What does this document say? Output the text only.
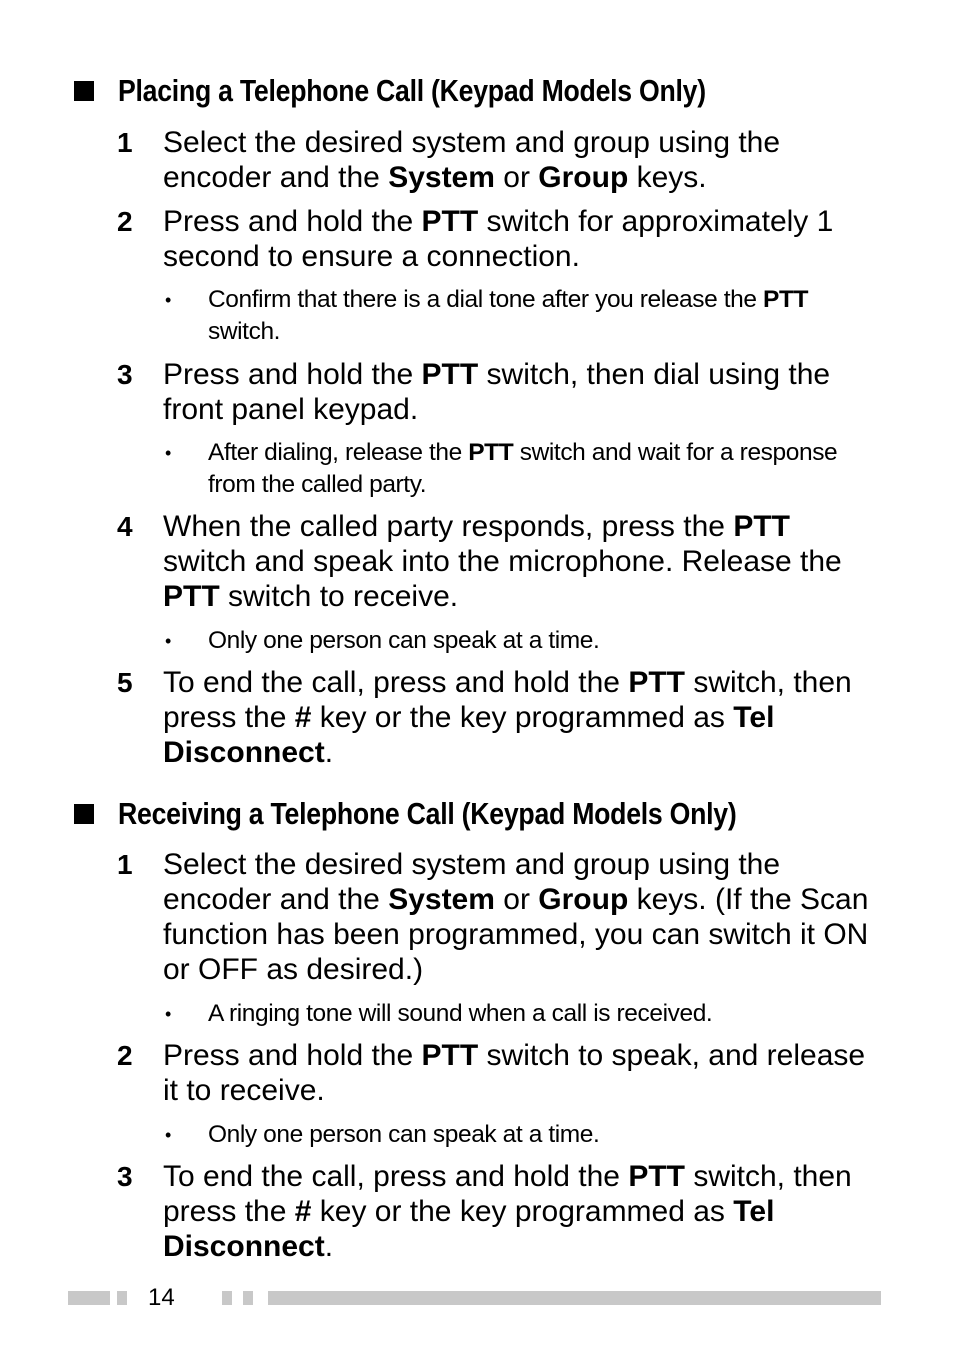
Placing a Telephone Call (Keypad Models Only)
1 Select the desired system and group using the encoder and the System or Group keys.
2 Press and hold the PTT switch for approximately 1 second to ensure a connection.
• Confirm that there is a dial tone after you release the PTT switch.
3 Press and hold the PTT switch, then dial using the front panel keypad.
• After dialing, release the PTT switch and wait for a response from the called party.
4 When the called party responds, press the PTT switch and speak into the microphone. Release the PTT switch to receive.
• Only one person can speak at a time.
5 To end the call, press and hold the PTT switch, then press the # key or the key programmed as Tel Disconnect.
Receiving a Telephone Call (Keypad Models Only)
1 Select the desired system and group using the encoder and the System or Group keys. (If the Scan function has been programmed, you can switch it ON or OFF as desired.)
• A ringing tone will sound when a call is received.
2 Press and hold the PTT switch to speak, and release it to receive.
• Only one person can speak at a time.
3 To end the call, press and hold the PTT switch, then press the # key or the key programmed as Tel Disconnect.
14
